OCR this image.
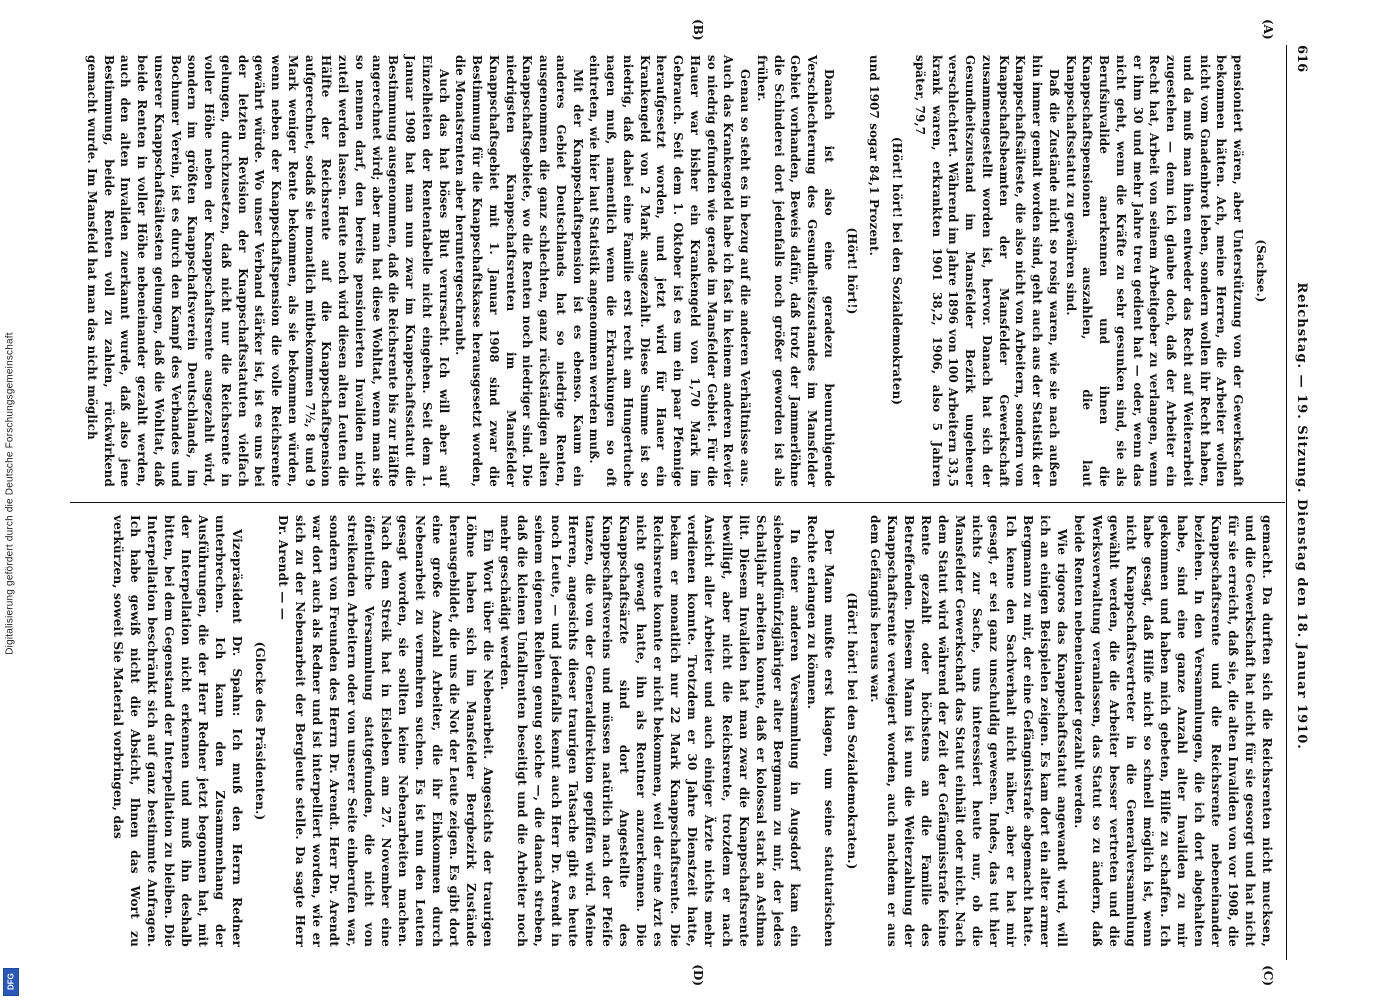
Digitalisierung gefördert durch die Deutsche Forschungsgemeinschaft
DFG
616
Reichstag. — 19. Sitzung. Dienstag den 18. Januar 1910.
(A)
(B)
(C)
(D)

(Sachse.)

pensioniert wären, aber Unterstützung von der Gewerkschaft bekommen hätten. Ach, meine Herren, die Arbeiter wollen nicht vom Gnadenbrot leben, sondern wollen ihr Recht haben, und da muß man ihnen entweder das Recht auf Weiterarbeit zugestehen — denn ich glaube doch, daß der Arbeiter ein Recht hat, Arbeit von seinem Arbeitgeber zu verlangen, wenn er ihm 30 und mehr Jahre treu gedient hat — oder, wenn das nicht geht, wenn die Kräfte zu sehr gesunken sind, sie als Berufsinvalide anerkennen und ihnen die Knappschaftspensionen auszahlen, die laut Knappschaftsstatut zu gewähren sind.

Daß die Zustände nicht so rosig waren, wie sie nach außen hin immer gemalt worden sind, geht auch aus der Statistik der Knappschaftsälteste, die also nicht von Arbeitern, sondern von Knappschaftsbeamten der Mansfelder Gewerkschaft zusammengestellt worden ist, hervor. Danach hat sich der Gesundheitszustand im Mansfelder Bezirk ungeheuer verschlechtert. Während im Jahre 1896 von 100 Arbeitern 33,5 krank waren, erkrankten 1901 38,2, 1906, also 5 Jahren später, 79,7

(Hört! hört! bei den Sozialdemokraten)

und 1907 sogar 84,1 Prozent.

(Hört! hört!)

Danach ist also eine geradezu beunruhigende Verschlechterung des Gesundheitszustandes im Mansfelder Gebiet vorhanden, Beweis dafür, daß trotz der Jammerlöhne die Schinderei dort jedenfalls noch größer geworden ist als früher.

Genau so steht es in bezug auf die anderen Verhältnisse aus. Auch das Krankengeld habe ich fast in keinem anderen Revier so niedrig gefunden wie gerade im Mansfelder Gebiet. Für die Hauer war bisher ein Krankengeld von 1,70 Mark im Gebrauch. Seit dem 1. Oktober ist es um ein paar Pfennige heraufgesetzt worden, und jetzt wird für Hauer ein Krankengeld von 2 Mark ausgezahlt. Diese Summe ist so niedrig, daß dabei eine Familie erst recht am Hungertuche nagen muß, namentlich wenn die Erkrankungen so oft eintreten, wie hier laut Statistik angenommen werden muß.

Mit der Knappschaftspension ist es ebenso. Kaum ein anderes Gebiet Deutschlands hat so niedrige Renten, ausgenommen die ganz schlechten, ganz rückständigen alten Knappschaftsgebiete, wo die Renten noch niedriger sind. Die niedrigsten Knappschaftsrenten im Mansfelder Knappschaftsgebiet mit 1. Januar 1908 sind zwar die Bestimmung für die Knappschaftskasse herausgesetzt worden, die Monatsrenten aber heruntergeschraubt.

Auch das hat böses Blut verursacht. Ich will aber auf Einzelheiten der Rententabelle nicht eingehen. Seit dem 1. Januar 1908 hat man nun zwar im Knappschaftsstatut die Bestimmung ausgenommen, daß die Reichsrente bis zur Hälfte angerechnet wird; aber man hat diese Wohltat, wenn man sie so nennen darf, den bereits pensionierten Invaliden nicht zuteil werden lassen. Heute noch wird diesen alten Leuten die Hälfte der Reichsrente auf die Knappschaftspension aufgerechnet, sodaß sie monatlich mitbekommen 7½, 8 und 9 Mark weniger Rente bekommen, als sie bekommen würden, wenn neben der Knappschaftspension die volle Reichsrente gewährt würde. Wo unser Verband stärker ist, ist es uns bei der letzten Revision der Knappschaftsstatuten vielfach gelungen, durchzusetzen, daß nicht nur die Reichsrente in voller Höhe neben der Knappschaftsrente ausgezahlt wird, sondern im größten Knappschaftsverein Deutschlands, im Bochumer Verein, ist es durch den Kampf des Verbandes und unserer Knappschaftsältesten gelungen, daß die Wohltat, daß beide Renten in voller Höhe nebeneinander gezahlt werden, auch den alten Invaliden zuerkannt wurde, daß also jene Bestimmung, beide Renten voll zu zahlen, rückwirkend gemacht wurde. Im Mansfeld hat man das nicht möglich

gemacht. Da durften sich die Reichsrenten nicht mucksen, und die Gewerkschaft hat nicht für sie gesorgt und hat nicht für sie erreicht, daß sie, die alten Invaliden von vor 1908, die Knappschaftsrente und die Reichsrente nebeneinander beziehen. In den Versammlungen, die ich dort abgehalten habe, sind eine ganze Anzahl alter Invaliden zu mir gekommen und haben mich gebeten, Hilfe zu schaffen. Ich habe gesagt, daß Hilfe nicht so schnell möglich ist, wenn nicht Knappschaftsvertreter in die Generalversammlung gewählt werden, die die Arbeiter besser vertreten und die Werksverwaltung veranlassen, das Statut so zu ändern, daß beide Renten nebeneinander gezahlt werden.

Wie rigoros das Knappschaftsstatut angewandt wird, will ich an einigen Beispielen zeigen. Es kam dort ein alter armer Bergmann zu mir, der eine Gefängnisstrafe abgemacht hatte. Ich kenne den Sachverhalt nicht näher, aber er hat mir gesagt, er sei ganz unschuldig gewesen. Indes, das tut hier nichts zur Sache, uns interessiert heute nur, ob die Mansfelder Gewerkschaft das Statut einhält oder nicht. Nach dem Statut wird während der Zeit der Gefängnisstrafe keine Rente gezahlt oder höchstens an die Familie des Betreffenden. Diesem Mann ist nun die Weiterzahlung der Knappschaftsrente verweigert worden, auch nachdem er aus dem Gefängnis heraus war.

(Hört! hört! bei den Sozialdemokraten.)

Der Mann mußte erst klagen, um seine statutarischen Rechte erlangen zu können.

In einer anderen Versammlung in Augsdorf kam ein siebenundfünfzigjähriger alter Bergmann zu mir, der jedes Schaltjahr arbeiten konnte, daß er kolossal stark an Asthma litt. Diesem Invaliden hat man zwar die Knappschaftsrente bewilligt, aber nicht die Reichsrente, trotzdem er nach Ansicht aller Arbeiter und auch einiger Ärzte nichts mehr verdienen konnte. Trotzdem er 30 Jahre Dienstzeit hatte, bekam er monatlich nur 22 Mark Knappschaftsrente. Die Reichsrente konnte er nicht bekommen, weil der eine Arzt es nicht gewagt hatte, ihn als Rentner anzuerkennen. Die Knappschaftsärzte sind dort Angestellte des Knappschaftsvereins und müssen natürlich nach der Pfeife tanzen, die von der Generaldirektion gepfiffen wird. Meine Herren, angesichts dieser traurigen Tatsache gibt es heute noch Leute, — und jedenfalls kennt auch Herr Dr. Arendt in seinem eigenen Reihen genug solche —, die danach streben, daß die kleinen Unfallrenten beseitigt und die Arbeiter noch mehr geschädigt werden.

Ein Wort über die Nebenarbeit. Angesichts der traurigen Löhne haben sich im Mansfelder Bergbezirk Zustände herausgebildet, die uns die Not der Leute zeigen. Es gibt dort eine große Anzahl Arbeiter, die ihr Einkommen durch Nebenarbeit zu vermehren suchen. Es ist nun den Leuten gesagt worden, sie sollten keine Nebenarbeiten machen. Nach dem Streik hat in Eisleben am 27. November eine öffentliche Versammlung stattgefunden, die nicht von streikenden Arbeitern oder von unserer Seite einberufen war, sondern von Freunden des Herrn Dr. Arendt. Herr Dr. Arendt war dort auch als Redner und ist interpelliert worden, wie er sich zu der Nebenarbeit der Bergleute stelle. Da sagte Herr Dr. Arendt — —

(Glocke des Präsidenten.)

Vizepräsident Dr. Spahn: Ich muß den Herrn Redner unterbrechen. Ich kann den Zusammenhang der Ausführungen, die der Herr Redner jetzt begonnen hat, mit der Interpellation nicht erkennen und muß ihn deshalb bitten, bei dem Gegenstand der Interpellation zu bleiben. Die Interpellation beschränkt sich auf ganz bestimmte Anfragen. Ich habe gewiß nicht die Absicht, Ihnen das Wort zu verkürzen, soweit Sie Material vorbringen, das
